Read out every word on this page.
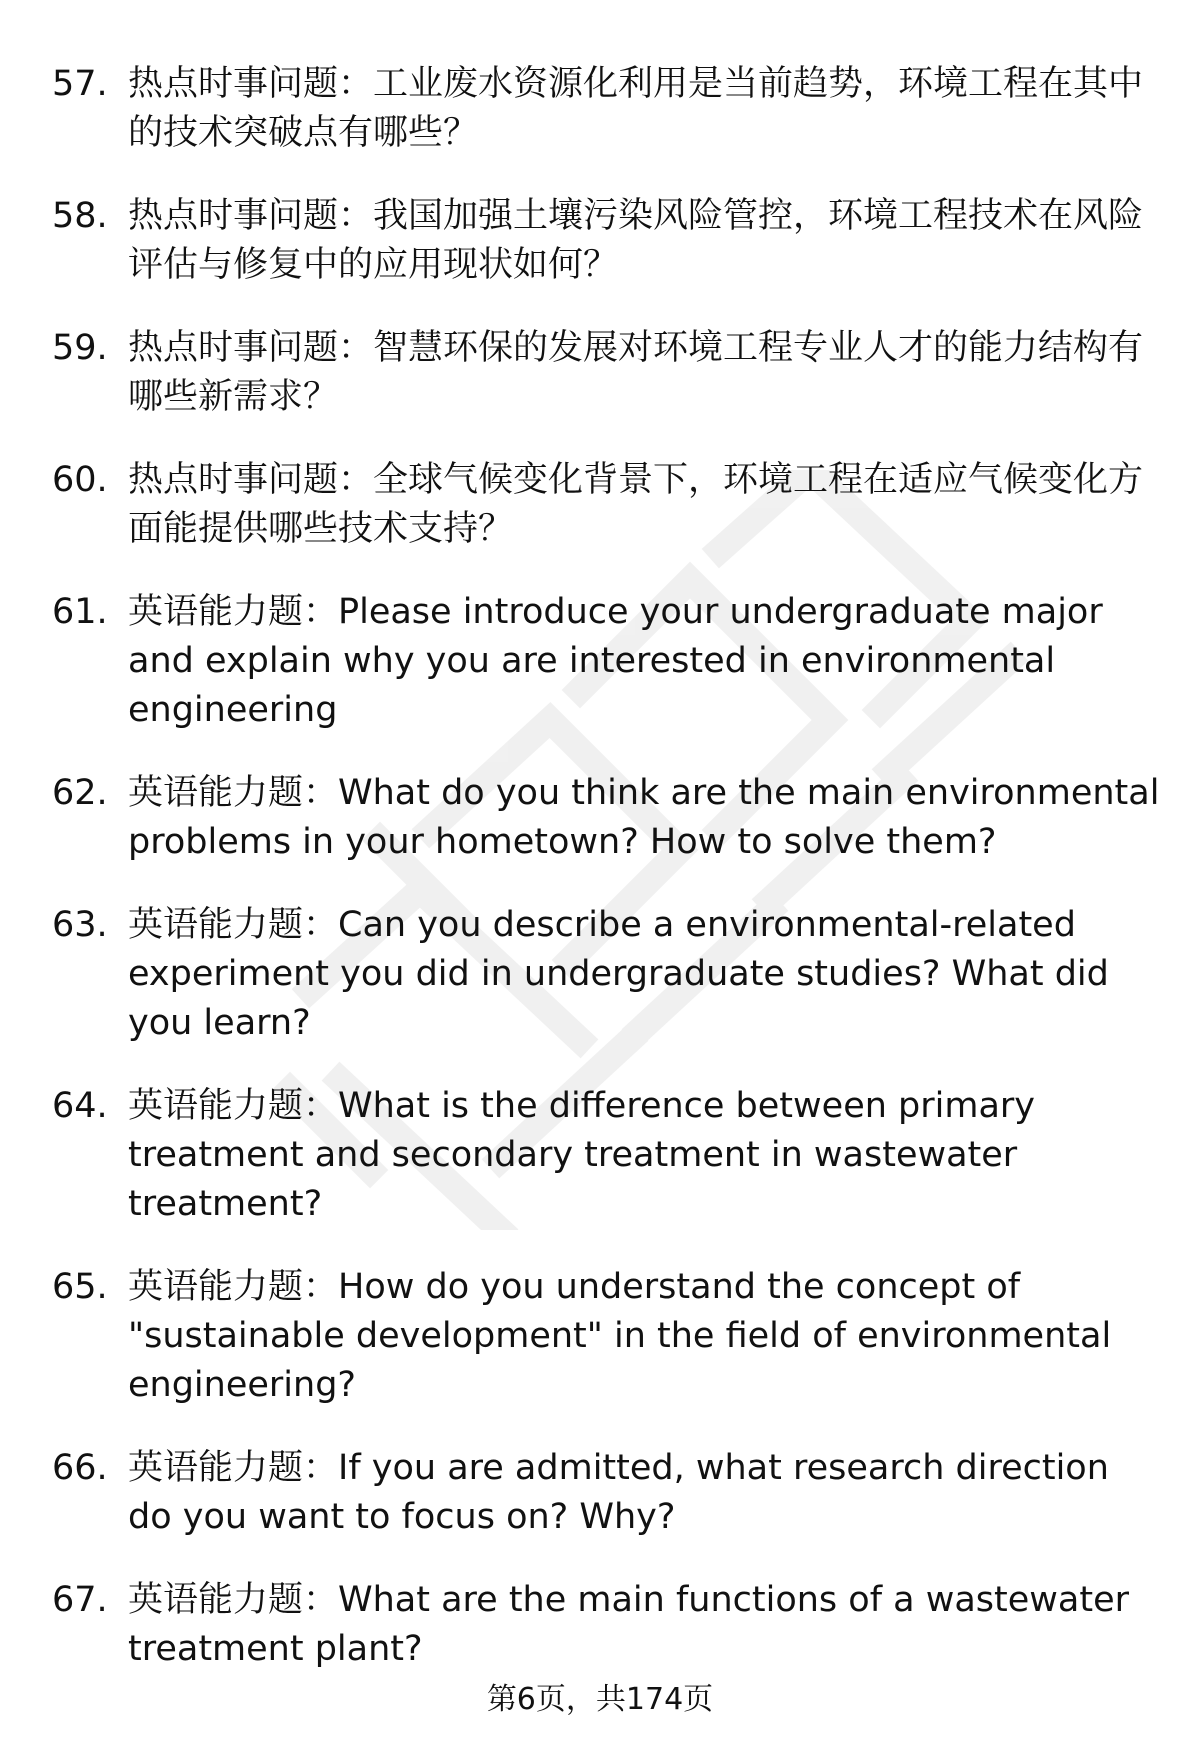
57. 热点时事问题：工业废水资源化利用是当前趋势，环境工程在其中的技术突破点有哪些？
58. 热点时事问题：我国加强土壤污染风险管控，环境工程技术在风险评估与修复中的应用现状如何？
59. 热点时事问题：智慧环保的发展对环境工程专业人才的能力结构有哪些新需求？
60. 热点时事问题：全球气候变化背景下，环境工程在适应气候变化方面能提供哪些技术支持？
61. 英语能力题：Please introduce your undergraduate major and explain why you are interested in environmental engineering
62. 英语能力题：What do you think are the main environmental problems in your hometown? How to solve them?
63. 英语能力题：Can you describe a environmental-related experiment you did in undergraduate studies? What did you learn?
64. 英语能力题：What is the difference between primary treatment and secondary treatment in wastewater treatment?
65. 英语能力题：How do you understand the concept of "sustainable development" in the field of environmental engineering?
66. 英语能力题：If you are admitted, what research direction do you want to focus on? Why?
67. 英语能力题：What are the main functions of a wastewater treatment plant?
第6页，共174页
